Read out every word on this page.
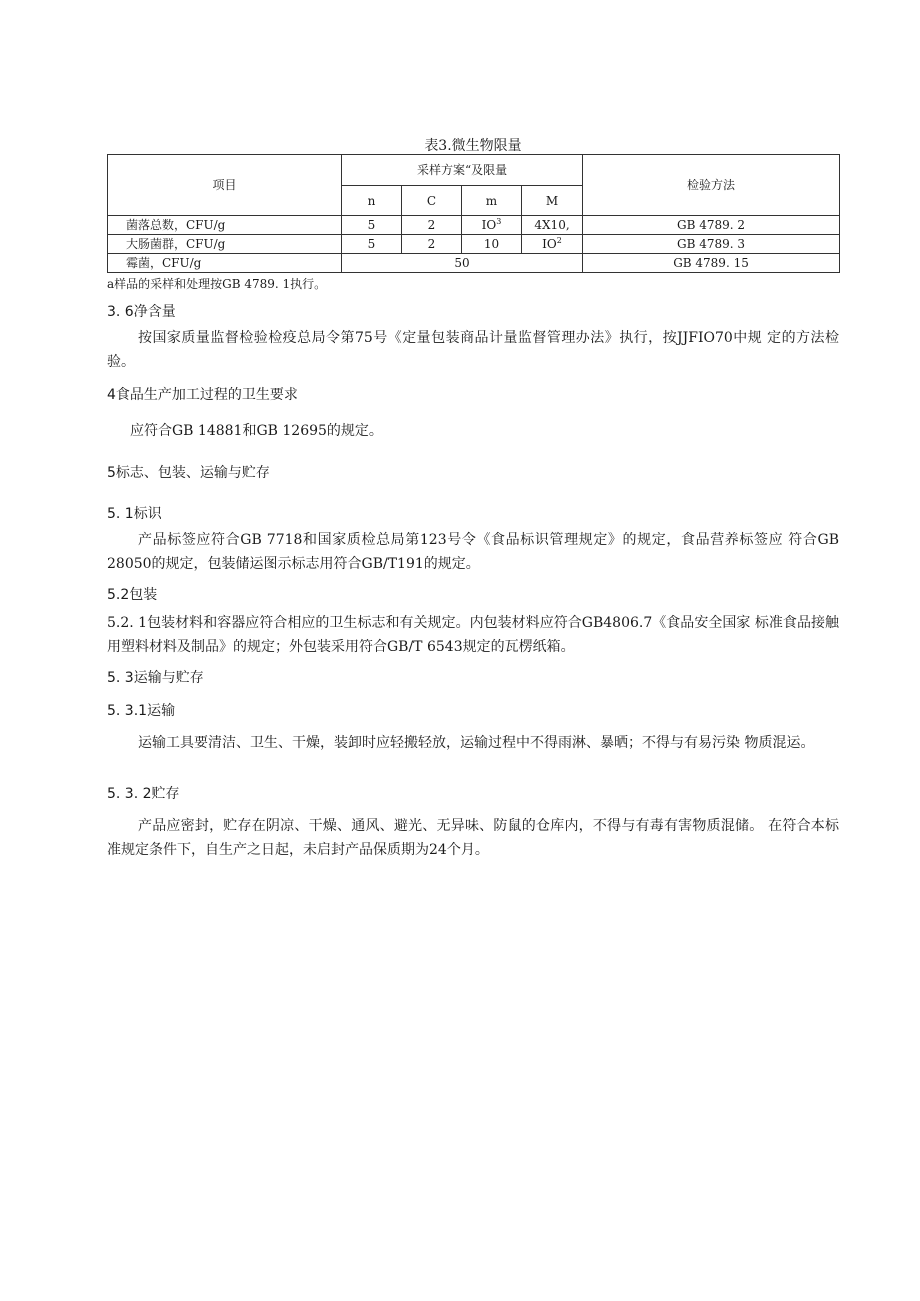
表3.微生物限量
项目	采样方案“及限量				检验方法
	n	C	m	M	
菌落总数，CFU/g	5	2	$IO^3$	4X10,	GB 4789. 2
大肠菌群，CFU/g	5	2	10	$IO^2$	GB 4789. 3
霉菌，CFU/g	50				GB 4789. 15
a样品的采样和处理按GB 4789. 1执行。
3. 6净含量
按国家质量监督检验检疫总局令第75号《定量包装商品计量监督管理办法》执行，按JJFIO70中规 定的方法检验。
4食品生产加工过程的卫生要求
应符合GB 14881和GB 12695的规定。
5标志、包装、运输与贮存
5. 1标识
产品标签应符合GB 7718和国家质检总局第123号令《食品标识管理规定》的规定，食品营养标签应 符合GB 28050的规定，包装储运图示标志用符合GB/T191的规定。
5.2包装
5.2. 1包装材料和容器应符合相应的卫生标志和有关规定。内包装材料应符合GB4806.7《食品安全国家 标准食品接触用塑料材料及制品》的规定；外包装采用符合GB/T 6543规定的瓦楞纸箱。
5. 3运输与贮存
5. 3.1运输
运输工具要清洁、卫生、干燥，装卸时应轻搬轻放，运输过程中不得雨淋、暴晒；不得与有易污染 物质混运。
5. 3. 2贮存
产品应密封，贮存在阴凉、干燥、通风、避光、无异味、防鼠的仓库内，不得与有毒有害物质混储。 在符合本标准规定条件下，自生产之日起，未启封产品保质期为24个月。
